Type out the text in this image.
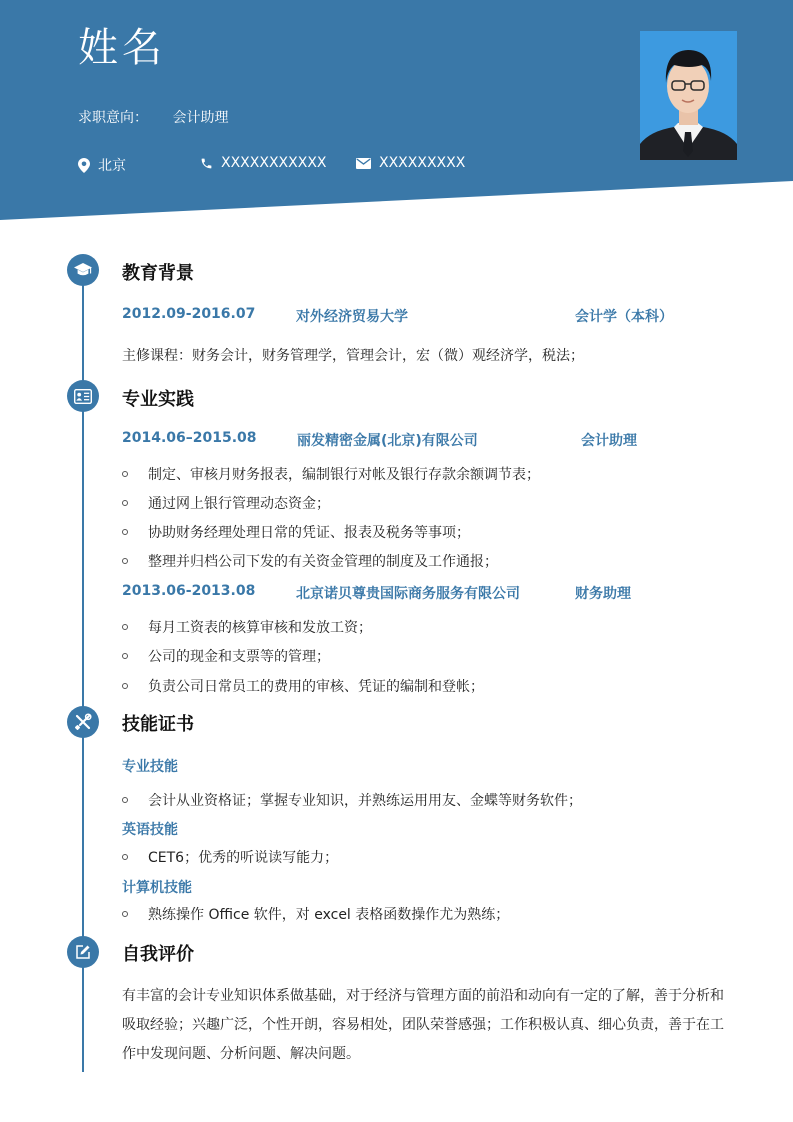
姓名
求职意向： 会计助理
北京	XXXXXXXXXXX	XXXXXXXXX
教育背景
2012.09-2016.07	对外经济贸易大学	会计学（本科）
主修课程：财务会计，财务管理学，管理会计，宏（微）观经济学，税法；
专业实践
2014.06–2015.08	丽发精密金属(北京)有限公司	会计助理
制定、审核月财务报表，编制银行对帐及银行存款余额调节表；
通过网上银行管理动态资金；
协助财务经理处理日常的凭证、报表及税务等事项；
整理并归档公司下发的有关资金管理的制度及工作通报；
2013.06-2013.08	北京诺贝尊贵国际商务服务有限公司	财务助理
每月工资表的核算审核和发放工资；
公司的现金和支票等的管理；
负责公司日常员工的费用的审核、凭证的编制和登帐；
技能证书
专业技能
会计从业资格证；掌握专业知识，并熟练运用用友、金蝶等财务软件；
英语技能
CET6；优秀的听说读写能力；
计算机技能
熟练操作 Office 软件，对 excel 表格函数操作尤为熟练；
自我评价
有丰富的会计专业知识体系做基础，对于经济与管理方面的前沿和动向有一定的了解，善于分析和吸取经验；兴趣广泛，个性开朗，容易相处，团队荣誉感强；工作积极认真、细心负责，善于在工作中发现问题、分析问题、解决问题。
